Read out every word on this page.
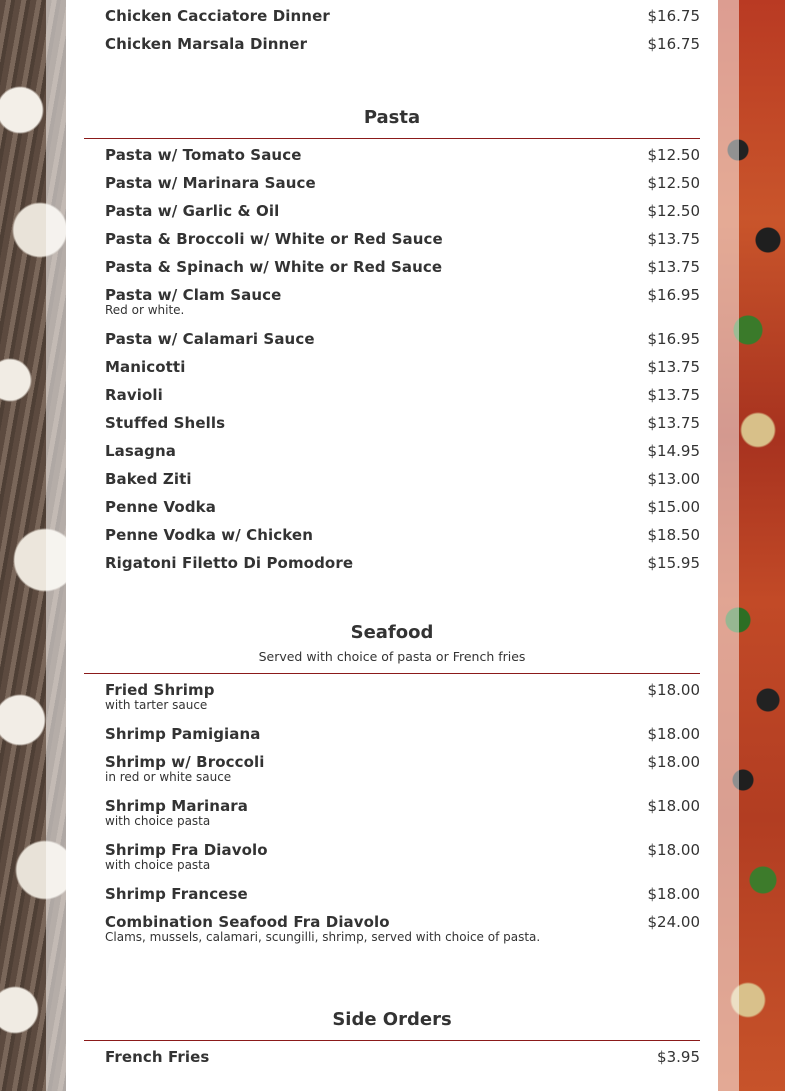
Chicken Cacciatore Dinner	$16.75
Chicken Marsala Dinner	$16.75
Pasta
Pasta w/ Tomato Sauce	$12.50
Pasta w/ Marinara Sauce	$12.50
Pasta w/ Garlic & Oil	$12.50
Pasta & Broccoli w/ White or Red Sauce	$13.75
Pasta & Spinach w/ White or Red Sauce	$13.75
Pasta w/ Clam Sauce	$16.95
Red or white.
Pasta w/ Calamari Sauce	$16.95
Manicotti	$13.75
Ravioli	$13.75
Stuffed Shells	$13.75
Lasagna	$14.95
Baked Ziti	$13.00
Penne Vodka	$15.00
Penne Vodka w/ Chicken	$18.50
Rigatoni Filetto Di Pomodore	$15.95
Seafood
Served with choice of pasta or French fries
Fried Shrimp	$18.00
with tarter sauce
Shrimp Pamigiana	$18.00
Shrimp w/ Broccoli	$18.00
in red or white sauce
Shrimp Marinara	$18.00
with choice pasta
Shrimp Fra Diavolo	$18.00
with choice pasta
Shrimp Francese	$18.00
Combination Seafood Fra Diavolo	$24.00
Clams, mussels, calamari, scungilli, shrimp, served with choice of pasta.
Side Orders
French Fries	$3.95
